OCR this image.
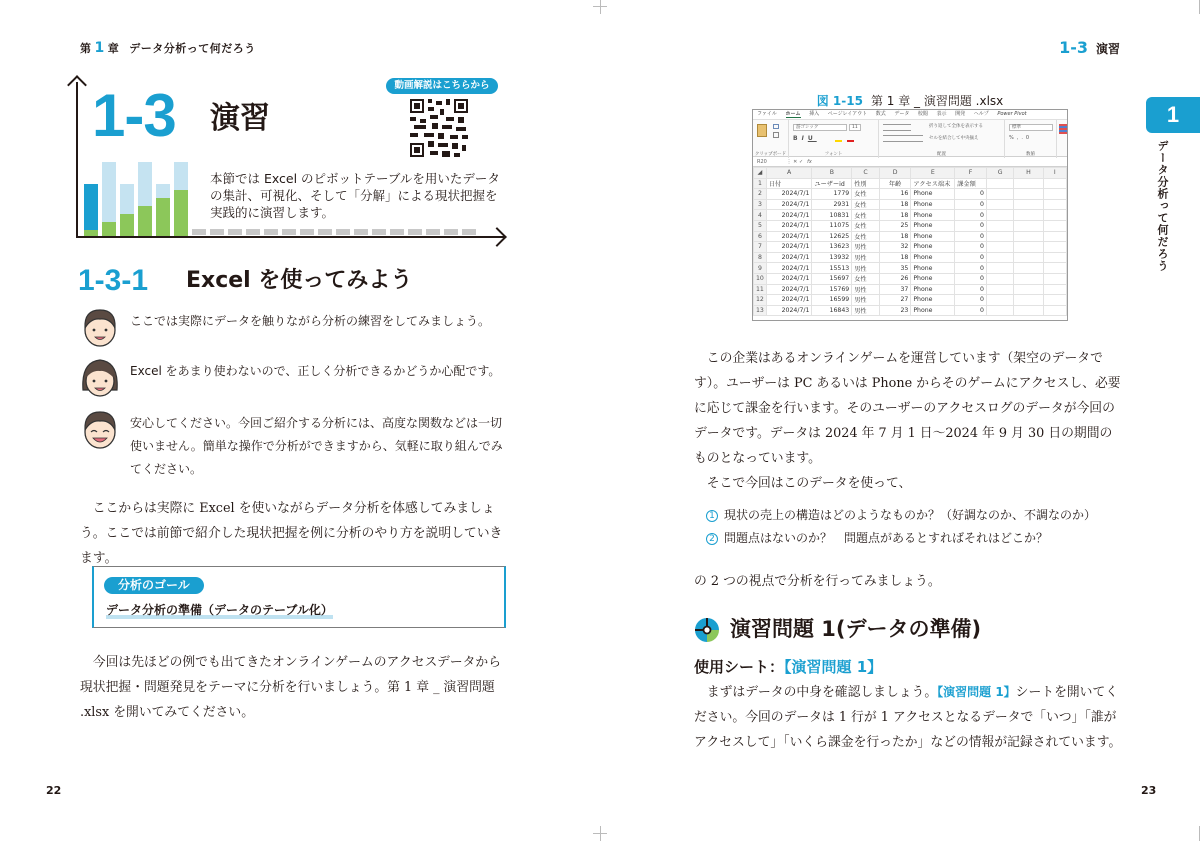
第 1 章 データ分析って何だろう
1-3 演習
本節では Excel のピボットテーブルを用いたデータの集計、可視化、そして「分解」による現状把握を実践的に演習します。
動画解説はこちらから
1-3-1 Excel を使ってみよう
ここでは実際にデータを触りながら分析の練習をしてみましょう。
Excel をあまり使わないので、正しく分析できるかどうか心配です。
安心してください。今回ご紹介する分析には、高度な関数などは一切使いません。簡単な操作で分析ができますから、気軽に取り組んでみてください。
ここからは実際に Excel を使いながらデータ分析を体感してみましょう。ここでは前節で紹介した現状把握を例に分析のやり方を説明していきます。
分析のゴール
データ分析の準備（データのテーブル化）
今回は先ほどの例でも出てきたオンラインゲームのアクセスデータから現状把握・問題発見をテーマに分析を行いましょう。第 1 章 _ 演習問題 .xlsx を開いてみてください。
22
1-3 演習
1
データ分析って何だろう
図 1-15 第 1 章 _ 演習問題 .xlsx
ファイル ホーム 挿入 ページレイアウト 数式 データ 校閲 表示 開発 ヘルプ Power Pivot
クリップボード
游ゴシック	11
BIU
フォント
折り返して全体を表示する
セルを結合して中央揃え
配置
標準
%,.0
数値
R20	⋮ ✕ ✓ fx
◢	A	B	C	D	E	F	G	H	I
1	日付	ユーザーid	性別	年齢	アクセス端末	課金額			
2	2024/7/1	1779	女性	16	Phone	0			
3	2024/7/1	2931	女性	18	Phone	0			
4	2024/7/1	10831	女性	18	Phone	0			
5	2024/7/1	11075	女性	25	Phone	0			
6	2024/7/1	12625	女性	18	Phone	0			
7	2024/7/1	13623	男性	32	Phone	0			
8	2024/7/1	13932	男性	18	Phone	0			
9	2024/7/1	15513	男性	35	Phone	0			
10	2024/7/1	15697	女性	26	Phone	0			
11	2024/7/1	15769	男性	37	Phone	0			
12	2024/7/1	16599	男性	27	Phone	0			
13	2024/7/1	16843	男性	23	Phone	0			

この企業はあるオンラインゲームを運営しています（架空のデータです）。ユーザーは PC あるいは Phone からそのゲームにアクセスし、必要に応じて課金を行います。そのユーザーのアクセスログのデータが今回のデータです。データは 2024 年 7 月 1 日～2024 年 9 月 30 日の期間のものとなっています。

そこで今回はこのデータを使って、

1 現状の売上の構造はどのようなものか？（好調なのか、不調なのか）
2 問題点はないのか？　問題点があるとすればそれはどこか？
の 2 つの視点で分析を行ってみましょう。
演習問題 1(データの準備)
使用シート：【演習問題 1】

まずはデータの中身を確認しましょう。【演習問題 1】シートを開いてください。今回のデータは 1 行が 1 アクセスとなるデータで「いつ」「誰がアクセスして」「いくら課金を行ったか」などの情報が記録されています。

23
